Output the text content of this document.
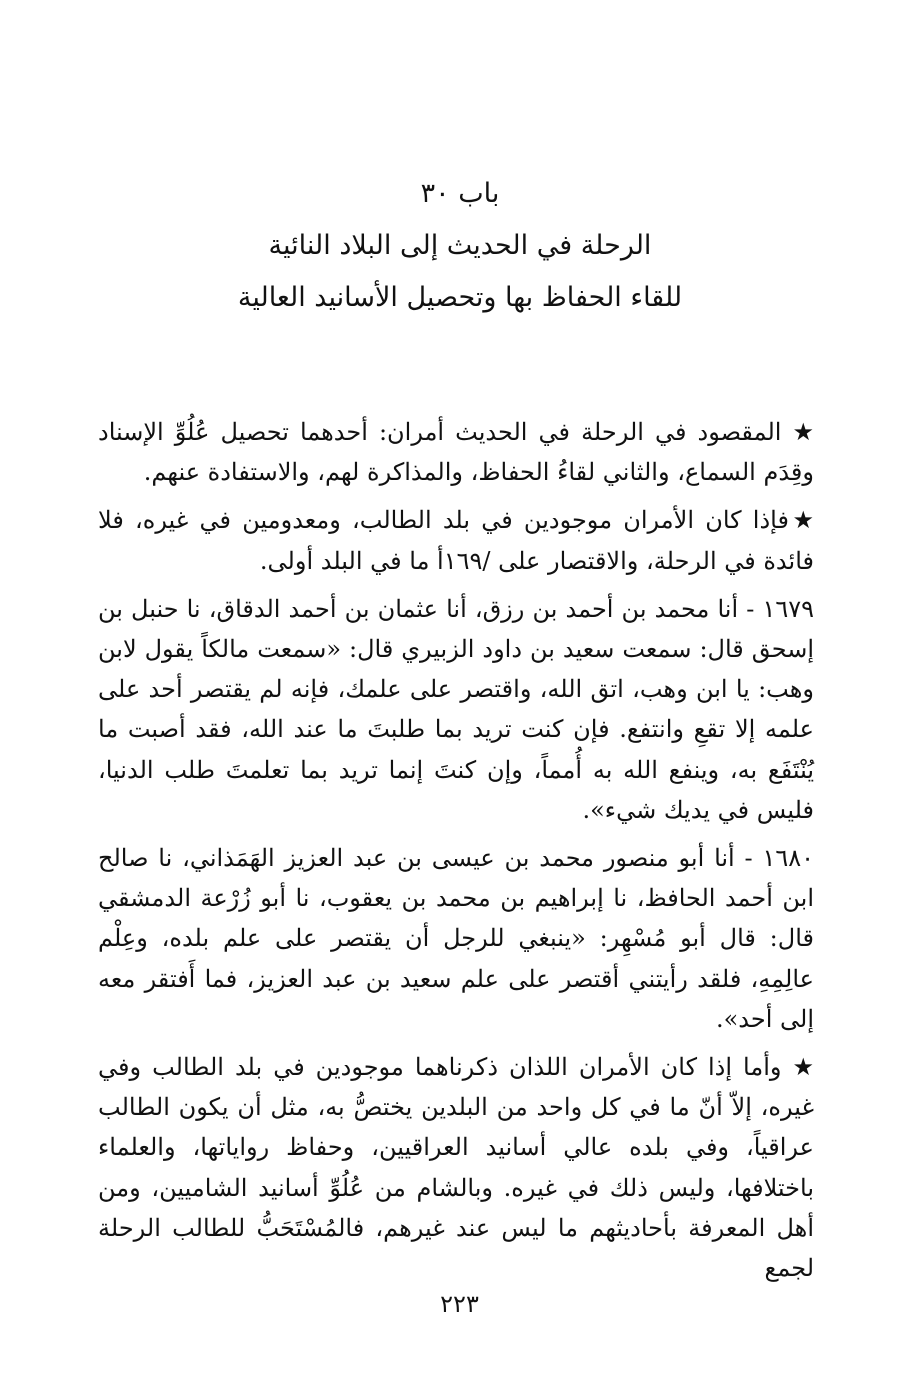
باب ٣٠
الرحلة في الحديث إلى البلاد النائية
للقاء الحفاظ بها وتحصيل الأسانيد العالية

★ المقصود في الرحلة في الحديث أمران: أحدهما تحصيل عُلُوِّ الإسناد وقِدَم السماع، والثاني لقاءُ الحفاظ، والمذاكرة لهم، والاستفادة عنهم.

★فإذا كان الأمران موجودين في بلد الطالب، ومعدومين في غيره، فلا فائدة في الرحلة، والاقتصار على /١٦٩أ ما في البلد أولى.

١٦٧٩ - أنا محمد بن أحمد بن رزق، أنا عثمان بن أحمد الدقاق، نا حنبل بن إسحق قال: سمعت سعيد بن داود الزبيري قال: «سمعت مالكاً يقول لابن وهب: يا ابن وهب، اتق الله، واقتصر على علمك، فإنه لم يقتصر أحد على علمه إلا تقعِ وانتفع. فإن كنت تريد بما طلبتَ ما عند الله، فقد أصبت ما يُنْتَفَع به، وينفع الله به أُمماً، وإن كنتَ إنما تريد بما تعلمتَ طلب الدنيا، فليس في يديك شيء».

١٦٨٠ - أنا أبو منصور محمد بن عيسى بن عبد العزيز الهَمَذاني، نا صالح ابن أحمد الحافظ، نا إبراهيم بن محمد بن يعقوب، نا أبو زُرْعة الدمشقي قال: قال أبو مُسْهِر: «ينبغي للرجل أن يقتصر على علم بلده، وعِلْم عالِمِهِ، فلقد رأيتني أقتصر على علم سعيد بن عبد العزيز، فما أَفتقر معه إلى أحد».

★ وأما إذا كان الأمران اللذان ذكرناهما موجودين في بلد الطالب وفي غيره، إلاّ أنّ ما في كل واحد من البلدين يختصُّ به، مثل أن يكون الطالب عراقياً، وفي بلده عالي أسانيد العراقيين، وحفاظ رواياتها، والعلماء باختلافها، وليس ذلك في غيره. وبالشام من عُلُوِّ أسانيد الشاميين، ومن أهل المعرفة بأحاديثهم ما ليس عند غيرهم، فالمُسْتَحَبُّ للطالب الرحلة لجمع

٢٢٣
